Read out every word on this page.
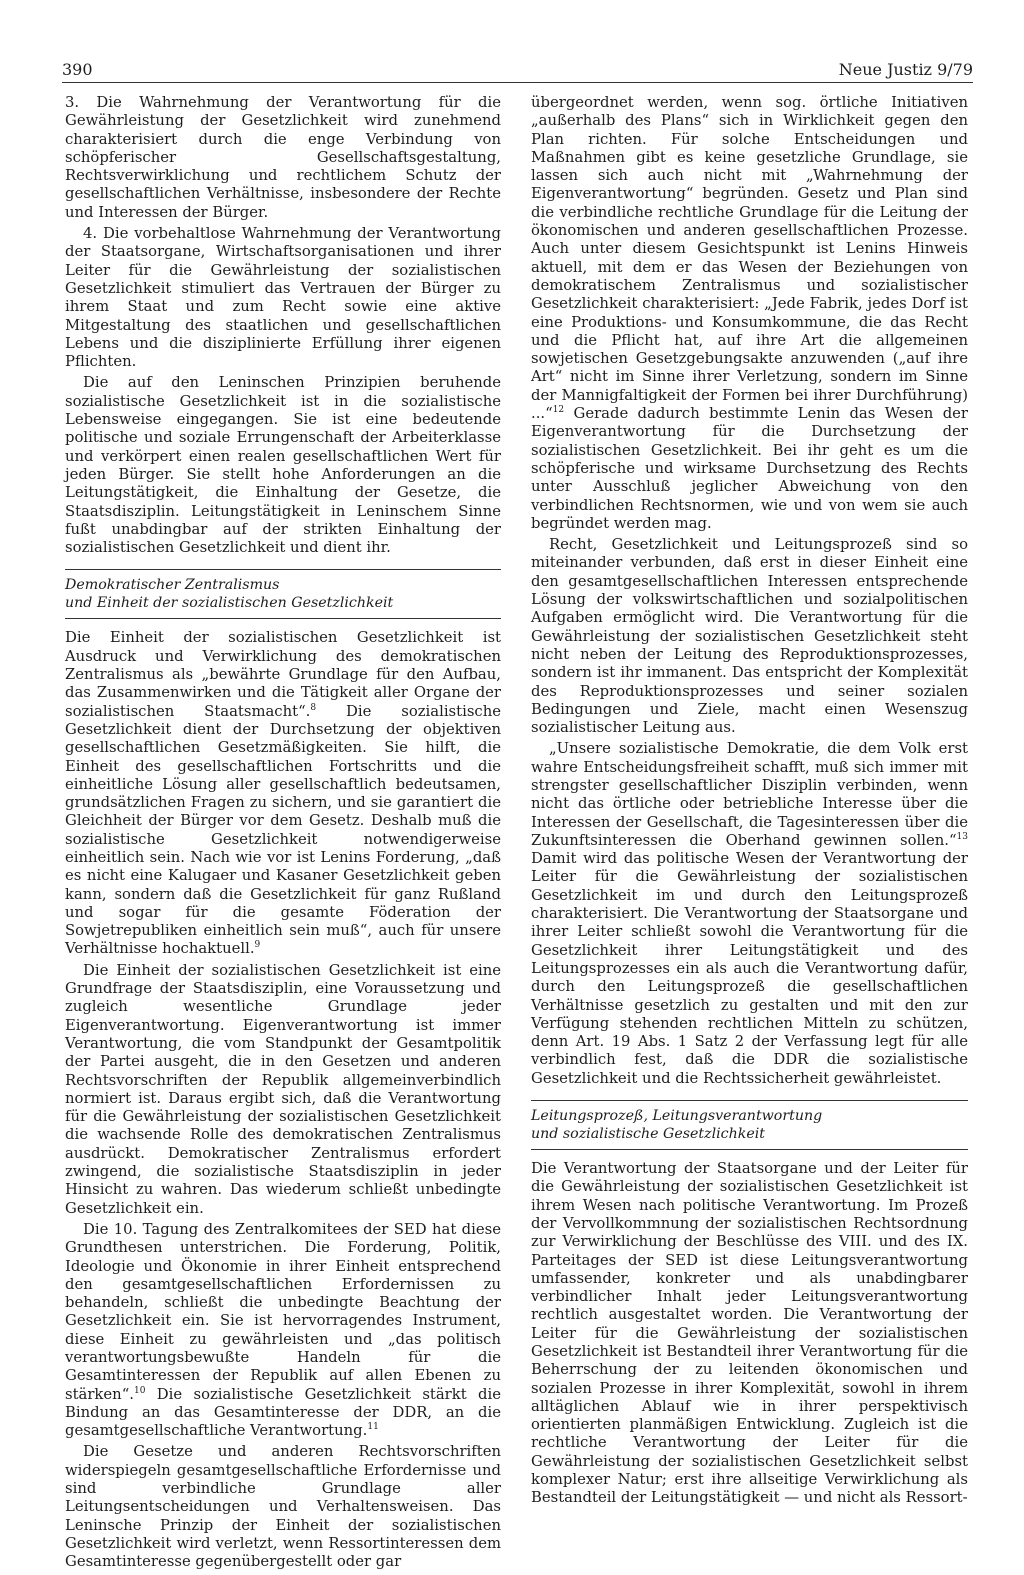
390	Neue Justiz 9/79

3. Die Wahrnehmung der Verantwortung für die Gewährleistung der Gesetzlichkeit wird zunehmend charakterisiert durch die enge Verbindung von schöpferischer Gesellschaftsgestaltung, Rechtsverwirklichung und rechtlichem Schutz der gesellschaftlichen Verhältnisse, insbesondere der Rechte und Interessen der Bürger.

4. Die vorbehaltlose Wahrnehmung der Verantwortung der Staatsorgane, Wirtschaftsorganisationen und ihrer Leiter für die Gewährleistung der sozialistischen Gesetzlichkeit stimuliert das Vertrauen der Bürger zu ihrem Staat und zum Recht sowie eine aktive Mitgestaltung des staatlichen und gesellschaftlichen Lebens und die disziplinierte Erfüllung ihrer eigenen Pflichten.

Die auf den Leninschen Prinzipien beruhende sozialistische Gesetzlichkeit ist in die sozialistische Lebensweise eingegangen. Sie ist eine bedeutende politische und soziale Errungenschaft der Arbeiterklasse und verkörpert einen realen gesellschaftlichen Wert für jeden Bürger. Sie stellt hohe Anforderungen an die Leitungstätigkeit, die Einhaltung der Gesetze, die Staatsdisziplin. Leitungstätigkeit in Leninschem Sinne fußt unabdingbar auf der strikten Einhaltung der sozialistischen Gesetzlichkeit und dient ihr.

Demokratischer Zentralismus
und Einheit der sozialistischen Gesetzlichkeit

Die Einheit der sozialistischen Gesetzlichkeit ist Ausdruck und Verwirklichung des demokratischen Zentralismus als „bewährte Grundlage für den Aufbau, das Zusammenwirken und die Tätigkeit aller Organe der sozialistischen Staatsmacht“.$^8$ Die sozialistische Gesetzlichkeit dient der Durchsetzung der objektiven gesellschaftlichen Gesetzmäßigkeiten. Sie hilft, die Einheit des gesellschaftlichen Fortschritts und die einheitliche Lösung aller gesellschaftlich bedeutsamen, grundsätzlichen Fragen zu sichern, und sie garantiert die Gleichheit der Bürger vor dem Gesetz. Deshalb muß die sozialistische Gesetzlichkeit notwendigerweise einheitlich sein. Nach wie vor ist Lenins Forderung, „daß es nicht eine Kalugaer und Kasaner Gesetzlichkeit geben kann, sondern daß die Gesetzlichkeit für ganz Rußland und sogar für die gesamte Föderation der Sowjetrepubliken einheitlich sein muß“, auch für unsere Verhältnisse hochaktuell.$^9$

Die Einheit der sozialistischen Gesetzlichkeit ist eine Grundfrage der Staatsdisziplin, eine Voraussetzung und zugleich wesentliche Grundlage jeder Eigenverantwortung. Eigenverantwortung ist immer Verantwortung, die vom Standpunkt der Gesamtpolitik der Partei ausgeht, die in den Gesetzen und anderen Rechtsvorschriften der Republik allgemeinverbindlich normiert ist. Daraus ergibt sich, daß die Verantwortung für die Gewährleistung der sozialistischen Gesetzlichkeit die wachsende Rolle des demokratischen Zentralismus ausdrückt. Demokratischer Zentralismus erfordert zwingend, die sozialistische Staatsdisziplin in jeder Hinsicht zu wahren. Das wiederum schließt unbedingte Gesetzlichkeit ein.

Die 10. Tagung des Zentralkomitees der SED hat diese Grundthesen unterstrichen. Die Forderung, Politik, Ideologie und Ökonomie in ihrer Einheit entsprechend den gesamtgesellschaftlichen Erfordernissen zu behandeln, schließt die unbedingte Beachtung der Gesetzlichkeit ein. Sie ist hervorragendes Instrument, diese Einheit zu gewährleisten und „das politisch verantwortungsbewußte Handeln für die Gesamtinteressen der Republik auf allen Ebenen zu stärken“.$^{10}$ Die sozialistische Gesetzlichkeit stärkt die Bindung an das Gesamtinteresse der DDR, an die gesamtgesellschaftliche Verantwortung.$^{11}$

Die Gesetze und anderen Rechtsvorschriften widerspiegeln gesamtgesellschaftliche Erfordernisse und sind verbindliche Grundlage aller Leitungsentscheidungen und Verhaltensweisen. Das Leninsche Prinzip der Einheit der sozialistischen Gesetzlichkeit wird verletzt, wenn Ressortinteressen dem Gesamtinteresse gegenübergestellt oder gar

übergeordnet werden, wenn sog. örtliche Initiativen „außerhalb des Plans“ sich in Wirklichkeit gegen den Plan richten. Für solche Entscheidungen und Maßnahmen gibt es keine gesetzliche Grundlage, sie lassen sich auch nicht mit „Wahrnehmung der Eigenverantwortung“ begründen. Gesetz und Plan sind die verbindliche rechtliche Grundlage für die Leitung der ökonomischen und anderen gesellschaftlichen Prozesse. Auch unter diesem Gesichtspunkt ist Lenins Hinweis aktuell, mit dem er das Wesen der Beziehungen von demokratischem Zentralismus und sozialistischer Gesetzlichkeit charakterisiert: „Jede Fabrik, jedes Dorf ist eine Produktions- und Konsumkommune, die das Recht und die Pflicht hat, auf ihre Art die allgemeinen sowjetischen Gesetzgebungsakte anzuwenden („auf ihre Art“ nicht im Sinne ihrer Verletzung, sondern im Sinne der Mannigfaltigkeit der Formen bei ihrer Durchführung) ...“$^{12}$ Gerade dadurch bestimmte Lenin das Wesen der Eigenverantwortung für die Durchsetzung der sozialistischen Gesetzlichkeit. Bei ihr geht es um die schöpferische und wirksame Durchsetzung des Rechts unter Ausschluß jeglicher Abweichung von den verbindlichen Rechtsnormen, wie und von wem sie auch begründet werden mag.

Recht, Gesetzlichkeit und Leitungsprozeß sind so miteinander verbunden, daß erst in dieser Einheit eine den gesamtgesellschaftlichen Interessen entsprechende Lösung der volkswirtschaftlichen und sozialpolitischen Aufgaben ermöglicht wird. Die Verantwortung für die Gewährleistung der sozialistischen Gesetzlichkeit steht nicht neben der Leitung des Reproduktionsprozesses, sondern ist ihr immanent. Das entspricht der Komplexität des Reproduktionsprozesses und seiner sozialen Bedingungen und Ziele, macht einen Wesenszug sozialistischer Leitung aus.

„Unsere sozialistische Demokratie, die dem Volk erst wahre Entscheidungsfreiheit schafft, muß sich immer mit strengster gesellschaftlicher Disziplin verbinden, wenn nicht das örtliche oder betriebliche Interesse über die Interessen der Gesellschaft, die Tagesinteressen über die Zukunftsinteressen die Oberhand gewinnen sollen.“$^{13}$ Damit wird das politische Wesen der Verantwortung der Leiter für die Gewährleistung der sozialistischen Gesetzlichkeit im und durch den Leitungsprozeß charakterisiert. Die Verantwortung der Staatsorgane und ihrer Leiter schließt sowohl die Verantwortung für die Gesetzlichkeit ihrer Leitungstätigkeit und des Leitungsprozesses ein als auch die Verantwortung dafür, durch den Leitungsprozeß die gesellschaftlichen Verhältnisse gesetzlich zu gestalten und mit den zur Verfügung stehenden rechtlichen Mitteln zu schützen, denn Art. 19 Abs. 1 Satz 2 der Verfassung legt für alle verbindlich fest, daß die DDR die sozialistische Gesetzlichkeit und die Rechtssicherheit gewährleistet.

Leitungsprozeß, Leitungsverantwortung
und sozialistische Gesetzlichkeit

Die Verantwortung der Staatsorgane und der Leiter für die Gewährleistung der sozialistischen Gesetzlichkeit ist ihrem Wesen nach politische Verantwortung. Im Prozeß der Vervollkommnung der sozialistischen Rechtsordnung zur Verwirklichung der Beschlüsse des VIII. und des IX. Parteitages der SED ist diese Leitungsverantwortung umfassender, konkreter und als unabdingbarer verbindlicher Inhalt jeder Leitungsverantwortung rechtlich ausgestaltet worden. Die Verantwortung der Leiter für die Gewährleistung der sozialistischen Gesetzlichkeit ist Bestandteil ihrer Verantwortung für die Beherrschung der zu leitenden ökonomischen und sozialen Prozesse in ihrer Komplexität, sowohl in ihrem alltäglichen Ablauf wie in ihrer perspektivisch orientierten planmäßigen Entwicklung. Zugleich ist die rechtliche Verantwortung der Leiter für die Gewährleistung der sozialistischen Gesetzlichkeit selbst komplexer Natur; erst ihre allseitige Verwirklichung als Bestandteil der Leitungstätigkeit — und nicht als Ressort-
